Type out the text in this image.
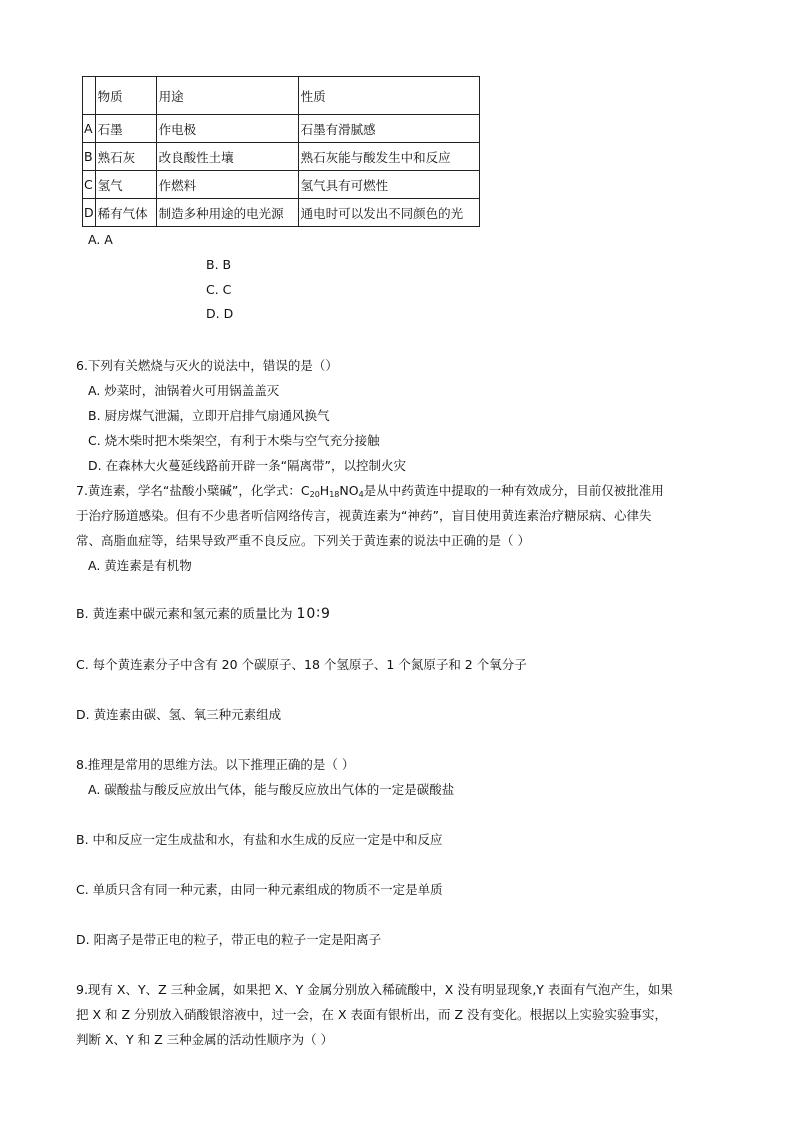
	物质	用途	性质
A	石墨	作电极	石墨有滑腻感
B	熟石灰	改良酸性土壤	熟石灰能与酸发生中和反应
C	氢气	作燃料	氢气具有可燃性
D	稀有气体	制造多种用途的电光源	通电时可以发出不同颜色的光
A. A
B. B
C. C
D. D
6.下列有关燃烧与灭火的说法中，错误的是（）
A. 炒菜时，油锅着火可用锅盖盖灭
B. 厨房煤气泄漏，立即开启排气扇通风换气
C. 烧木柴时把木柴架空，有利于木柴与空气充分接触
D. 在森林大火蔓延线路前开辟一条“隔离带”，以控制火灾
7.黄连素，学名“盐酸小檗碱”，化学式：$C_{20}H_{18}NO_4$是从中药黄连中提取的一种有效成分，目前仅被批准用
于治疗肠道感染。但有不少患者听信网络传言，视黄连素为“神药”，盲目使用黄连素治疗糖尿病、心律失
常、高脂血症等，结果导致严重不良反应。下列关于黄连素的说法中正确的是（ ）
A. 黄连素是有机物
B. 黄连素中碳元素和氢元素的质量比为 10∶9
C. 每个黄连素分子中含有 20 个碳原子、18 个氢原子、1 个氮原子和 2 个氧分子
D. 黄连素由碳、氢、氧三种元素组成
8.推理是常用的思维方法。以下推理正确的是（ ）
A. 碳酸盐与酸反应放出气体，能与酸反应放出气体的一定是碳酸盐
B. 中和反应一定生成盐和水，有盐和水生成的反应一定是中和反应
C. 单质只含有同一种元素，由同一种元素组成的物质不一定是单质
D. 阳离子是带正电的粒子，带正电的粒子一定是阳离子
9.现有 X、Y、Z 三种金属，如果把 X、Y 金属分别放入稀硫酸中，X 没有明显现象,Y 表面有气泡产生，如果
把 X 和 Z 分别放入硝酸银溶液中，过一会，在 X 表面有银析出，而 Z 没有变化。根据以上实验实验事实，
判断 X、Y 和 Z 三种金属的活动性顺序为（ ）
